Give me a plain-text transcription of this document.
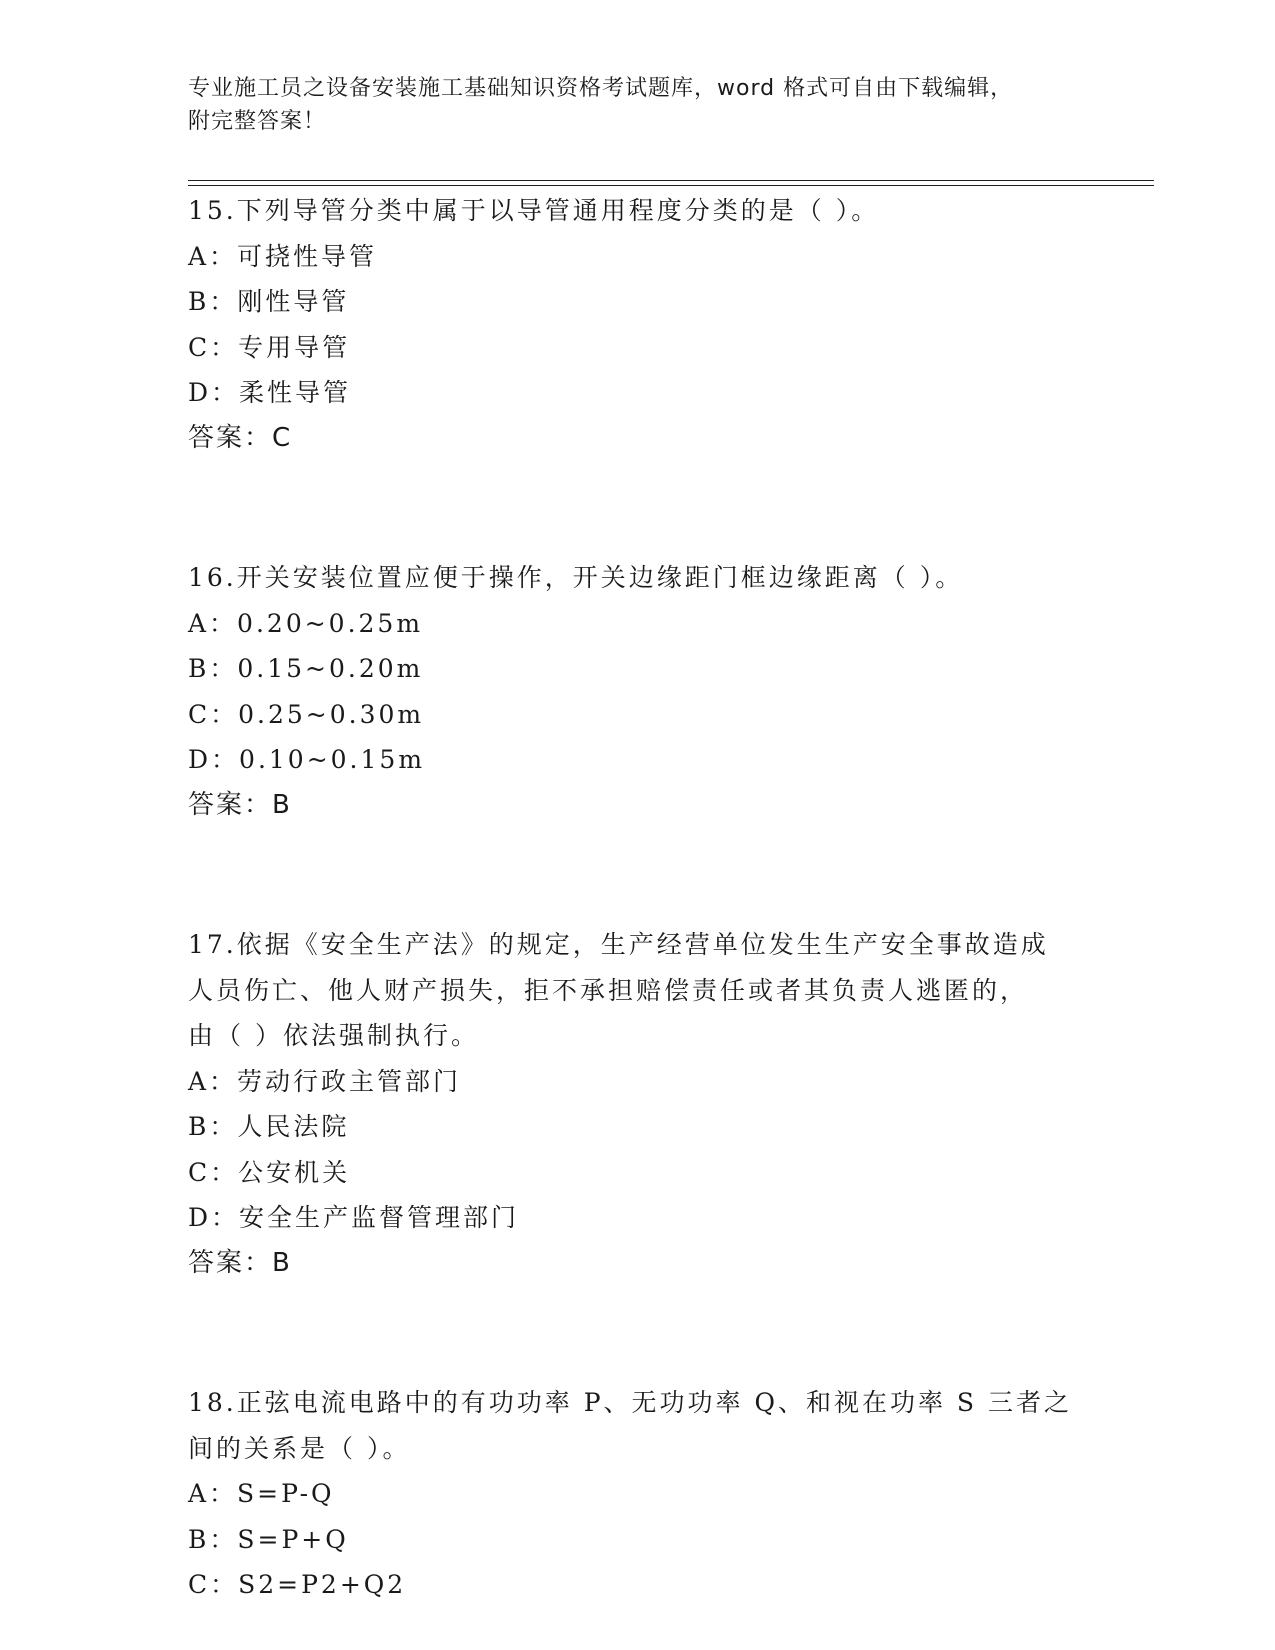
专业施工员之设备安装施工基础知识资格考试题库，word 格式可自由下载编辑，
附完整答案！
15.下列导管分类中属于以导管通用程度分类的是（ ）。
A：可挠性导管
B：刚性导管
C：专用导管
D：柔性导管
答案：C
16.开关安装位置应便于操作，开关边缘距门框边缘距离（ ）。
A：0.20~0.25m
B：0.15~0.20m
C：0.25~0.30m
D：0.10~0.15m
答案：B
17.依据《安全生产法》的规定，生产经营单位发生生产安全事故造成
人员伤亡、他人财产损失，拒不承担赔偿责任或者其负责人逃匿的，
由（ ）依法强制执行。
A：劳动行政主管部门
B：人民法院
C：公安机关
D：安全生产监督管理部门
答案：B
18.正弦电流电路中的有功功率 P、无功功率 Q、和视在功率 S 三者之
间的关系是（ ）。
A：S=P-Q
B：S=P+Q
C：S2=P2+Q2
